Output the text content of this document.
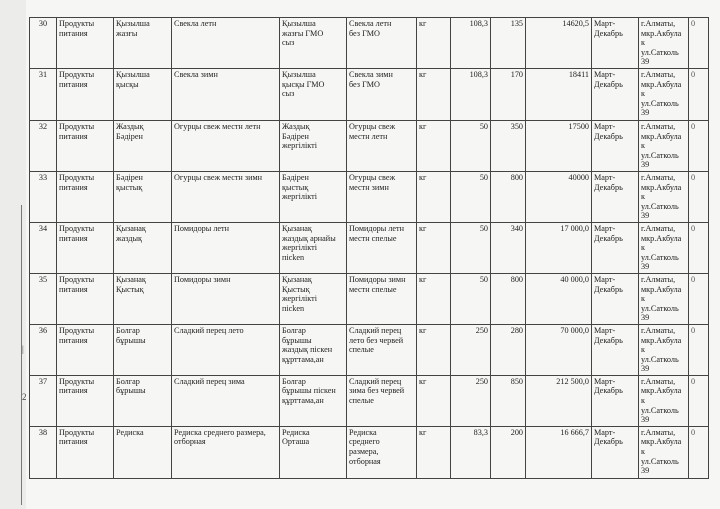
|
2
30	Продукты
питания	Қызылша
жазғы	Свекла летн	Қызылша
жазғы ГМО
сыз	Свекла летн
без ГМО	кг	108,3	135	14620,5	Март-
Декабрь	г.Алматы,
мкр.Акбула
к
ул.Сатколь
39	0
31	Продукты
питания	Қызылша
қысқы	Свекла зимн	Қызылша
қысқы ГМО
сыз	Свекла зимн
без ГМО	кг	108,3	170	18411	Март-
Декабрь	г.Алматы,
мкр.Акбула
к
ул.Сатколь
39	0
32	Продукты
питания	Жаздық
Бәдірен	Огурцы свеж местн летн	Жаздық
Бәдірен
жергілікті	Огурцы свеж
местн летн	кг	50	350	17500	Март-
Декабрь	г.Алматы,
мкр.Акбула
к
ул.Сатколь
39	0
33	Продукты
питания	Бәдірен
қыстық	Огурцы свеж местн зимн	Бәдірен
қыстық
жергілікті	Огурцы свеж
местн зимн	кг	50	800	40000	Март-
Декабрь	г.Алматы,
мкр.Акбула
к
ул.Сатколь
39	0
34	Продукты
питания	Қызанақ
жаздық	Помидоры летн	Қызанақ
жаздық арнайы
жергілікті
пісken	Помидоры летн
местн спелые	кг	50	340	17 000,0	Март-
Декабрь	г.Алматы,
мкр.Акбула
к
ул.Сатколь
39	0
35	Продукты
питания	Қызанақ
Қыстық	Помидоры зимн	Қызанақ
Қыстық
жергілікті
пісken	Помидоры зимн
местн спелые	кг	50	800	40 000,0	Март-
Декабрь	г.Алматы,
мкр.Акбула
к
ул.Сатколь
39	0
36	Продукты
питания	Болгар
бұрышы	Сладкий перец лето	Болгар
бұрышы
жаздық піскен
құрттама,ан	Сладкий перец
лето без червей
спелые	кг	250	280	70 000,0	Март-
Декабрь	г.Алматы,
мкр.Акбула
к
ул.Сатколь
39	0
37	Продукты
питания	Болгар
бұрышы	Сладкий перец зима	Болгар
бұрышы піскен
құрттама,ан	Сладкий перец
зима без червей
спелые	кг	250	850	212 500,0	Март-
Декабрь	г.Алматы,
мкр.Акбула
к
ул.Сатколь
39	0
38	Продукты
питания	Редиска	Редиска среднего размера,
отборная	Редиска
Орташа	Редиска
среднего
размера,
отборная	кг	83,3	200	16 666,7	Март-
Декабрь	г.Алматы,
мкр.Акбула
к
ул.Сатколь
39	0
